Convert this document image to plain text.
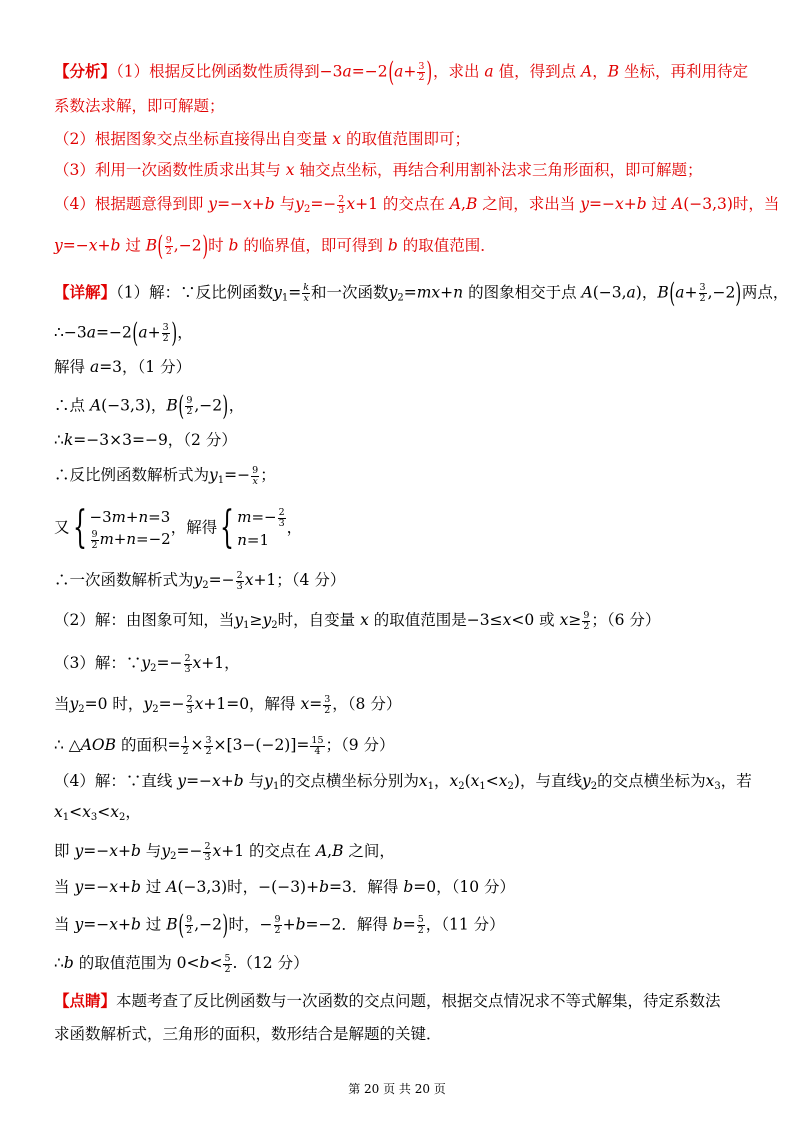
【分析】（1）根据反比例函数性质得到$-3a=-2(a+ \frac{3}{2}$ )，求出 a 值，得到点 A，B 坐标，再利用待定
系数法求解，即可解题；
（2）根据图象交点坐标直接得出自变量 x 的取值范围即可；
（3）利用一次函数性质求出其与 x 轴交点坐标，再结合利用割补法求三角形面积，即可解题；
（4）根据题意得到即 y=−x+b 与$y_2=- \frac{2}{3} x+1$ 的交点在 A,B 之间，求出当 y=−x+b 过 A(−3,3)时，当
y=−x+b 过 $B( \frac{9}{2} ,-2)$时 b 的临界值，即可得到 b 的取值范围．
【详解】（1）解：∵反比例函数$y_1= \frac{k}{x}$ 和一次函数$y_2=mx+n$ 的图象相交于点 A(−3,a)，$B(a+ \frac{3}{2} ,-2)$两点，
∴−3a=−2(a+ $\frac{3}{2}$ )，
解得 a=3，（1 分）
∴点 A(−3,3)，$B( \frac{9}{2} ,-2)$，
∴k=−3×3=−9，（2 分）
∴反比例函数解析式为$y_1=- \frac{9}{x}$ ；
又{ −3m+n=3
$\frac{9}{2} m+n=-2$
，解得{ $m=- \frac{2}{3}$
n=1
，
∴一次函数解析式为$y_2=- \frac{2}{3} x+1$；（4 分）
（2）解：由图象可知，当$y_1\ge y_2$时，自变量 x 的取值范围是−3≤x<0 或 $x\ge \frac{9}{2}$ ；（6 分）
（3）解：$\because y_2=- \frac{2}{3} x+1$，
当$y_2=0$ 时，$y_2=- \frac{2}{3} x+1=0$，解得 $x= \frac{3}{2}$ ，（8 分）
∴ △AOB 的面积= $\frac{1}{2} \times \frac{3}{2} \times[3-(-2)]= \frac{15}{4}$ ；（9 分）
（4）解：∵直线 y=−x+b 与$y_1$的交点横坐标分别为$x_1$，$x_2(x_1<x_2)$，与直线$y_2$的交点横坐标为$x_3$，若
$x_1<x_3<x_2$，
即 y=−x+b 与$y_2=- \frac{2}{3} x+1$ 的交点在 A,B 之间，
当 y=−x+b 过 A(−3,3)时，−(−3)+b=3．解得 b=0，（10 分）
当 y=−x+b 过 $B( \frac{9}{2} ,-2)$时，− $\frac{9}{2} +b=-2$．解得 $b= \frac{5}{2}$ ，（11 分）
∴b 的取值范围为 $0<b< \frac{5}{2} .(12$ 分）
【点睛】本题考查了反比例函数与一次函数的交点问题，根据交点情况求不等式解集，待定系数法
求函数解析式，三角形的面积，数形结合是解题的关键．
第 20 页 共 20 页
